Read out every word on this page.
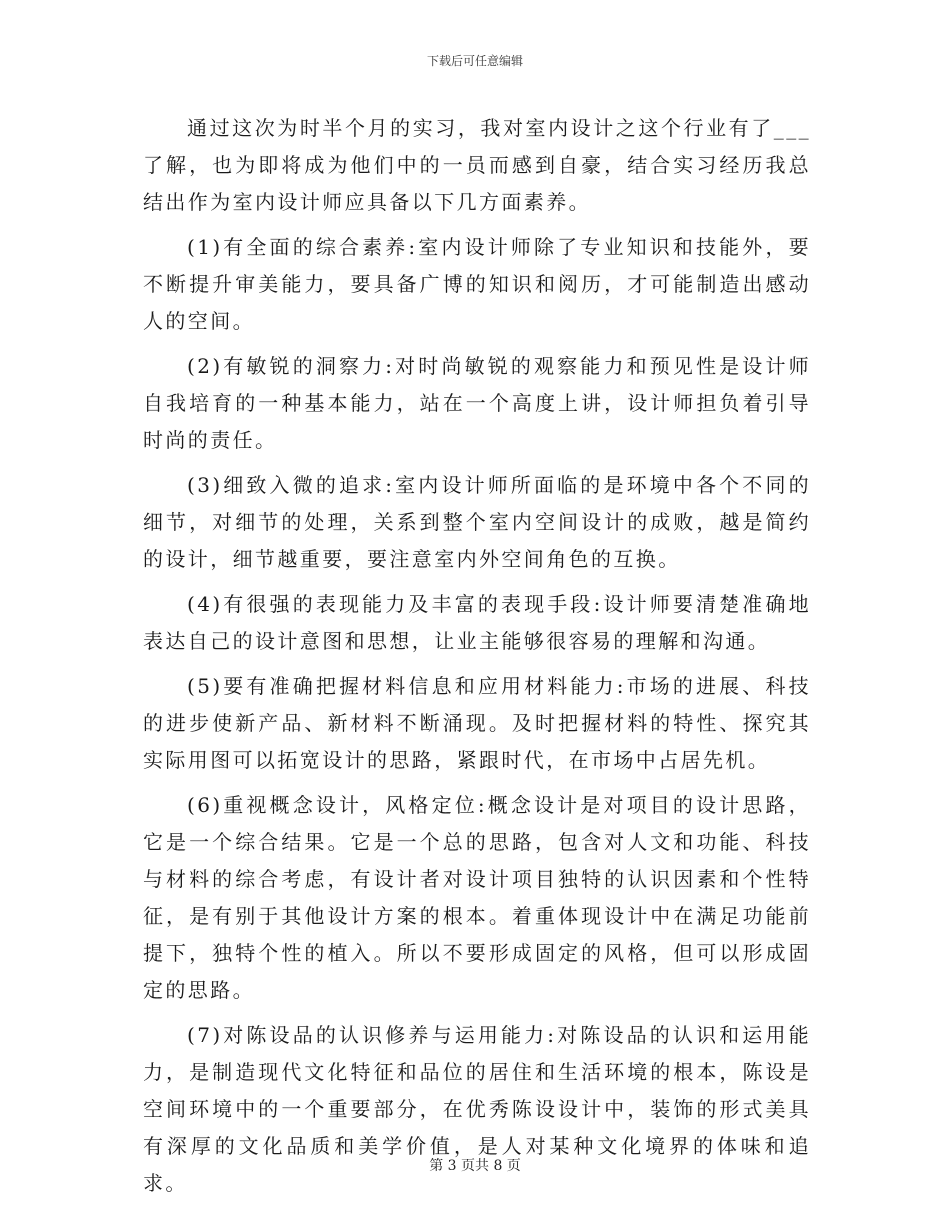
下载后可任意编辑

通过这次为时半个月的实习，我对室内设计之这个行业有了___了解，也为即将成为他们中的一员而感到自豪，结合实习经历我总结出作为室内设计师应具备以下几方面素养。

(1)有全面的综合素养:室内设计师除了专业知识和技能外，要不断提升审美能力，要具备广博的知识和阅历，才可能制造出感动人的空间。

(2)有敏锐的洞察力:对时尚敏锐的观察能力和预见性是设计师自我培育的一种基本能力，站在一个高度上讲，设计师担负着引导时尚的责任。

(3)细致入微的追求:室内设计师所面临的是环境中各个不同的细节，对细节的处理，关系到整个室内空间设计的成败，越是简约的设计，细节越重要，要注意室内外空间角色的互换。

(4)有很强的表现能力及丰富的表现手段:设计师要清楚准确地表达自己的设计意图和思想，让业主能够很容易的理解和沟通。

(5)要有准确把握材料信息和应用材料能力:市场的进展、科技的进步使新产品、新材料不断涌现。及时把握材料的特性、探究其实际用图可以拓宽设计的思路，紧跟时代，在市场中占居先机。

(6)重视概念设计，风格定位:概念设计是对项目的设计思路，它是一个综合结果。它是一个总的思路，包含对人文和功能、科技与材料的综合考虑，有设计者对设计项目独特的认识因素和个性特征，是有别于其他设计方案的根本。着重体现设计中在满足功能前提下，独特个性的植入。所以不要形成固定的风格，但可以形成固定的思路。

(7)对陈设品的认识修养与运用能力:对陈设品的认识和运用能力，是制造现代文化特征和品位的居住和生活环境的根本，陈设是空间环境中的一个重要部分，在优秀陈设设计中，装饰的形式美具有深厚的文化品质和美学价值，是人对某种文化境界的体味和追求。

第 3 页共 8 页
